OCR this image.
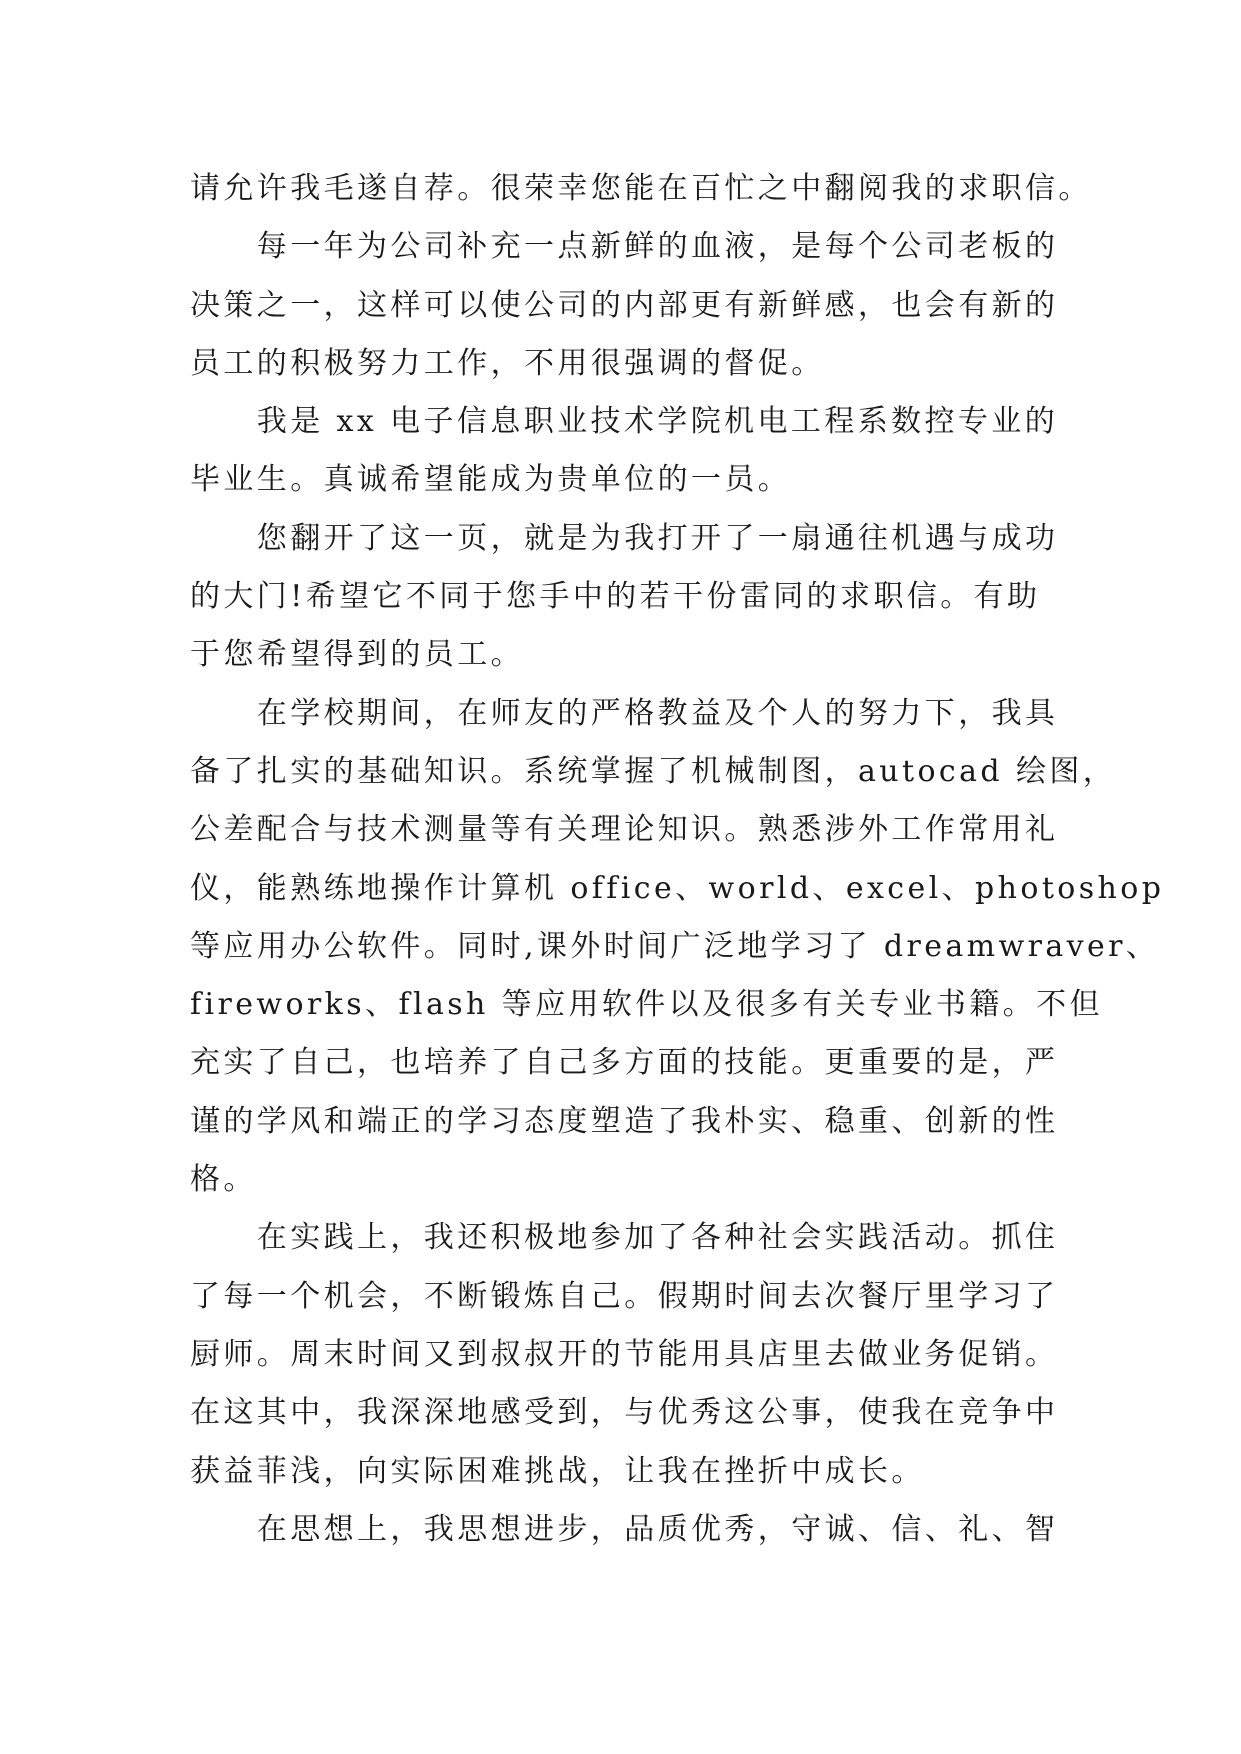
请允许我毛遂自荐。很荣幸您能在百忙之中翻阅我的求职信。
　　每一年为公司补充一点新鲜的血液，是每个公司老板的
决策之一，这样可以使公司的内部更有新鲜感，也会有新的
员工的积极努力工作，不用很强调的督促。
　　我是 xx 电子信息职业技术学院机电工程系数控专业的
毕业生。真诚希望能成为贵单位的一员。
　　您翻开了这一页，就是为我打开了一扇通往机遇与成功
的大门!希望它不同于您手中的若干份雷同的求职信。有助
于您希望得到的员工。
　　在学校期间，在师友的严格教益及个人的努力下，我具
备了扎实的基础知识。系统掌握了机械制图，autocad 绘图，
公差配合与技术测量等有关理论知识。熟悉涉外工作常用礼
仪，能熟练地操作计算机 office、world、excel、photoshop
等应用办公软件。同时,课外时间广泛地学习了 dreamwraver、
fireworks、flash 等应用软件以及很多有关专业书籍。不但
充实了自己，也培养了自己多方面的技能。更重要的是，严
谨的学风和端正的学习态度塑造了我朴实、稳重、创新的性
格。
　　在实践上，我还积极地参加了各种社会实践活动。抓住
了每一个机会，不断锻炼自己。假期时间去次餐厅里学习了
厨师。周末时间又到叔叔开的节能用具店里去做业务促销。
在这其中，我深深地感受到，与优秀这公事，使我在竞争中
获益菲浅，向实际困难挑战，让我在挫折中成长。
　　在思想上，我思想进步，品质优秀，守诚、信、礼、智
